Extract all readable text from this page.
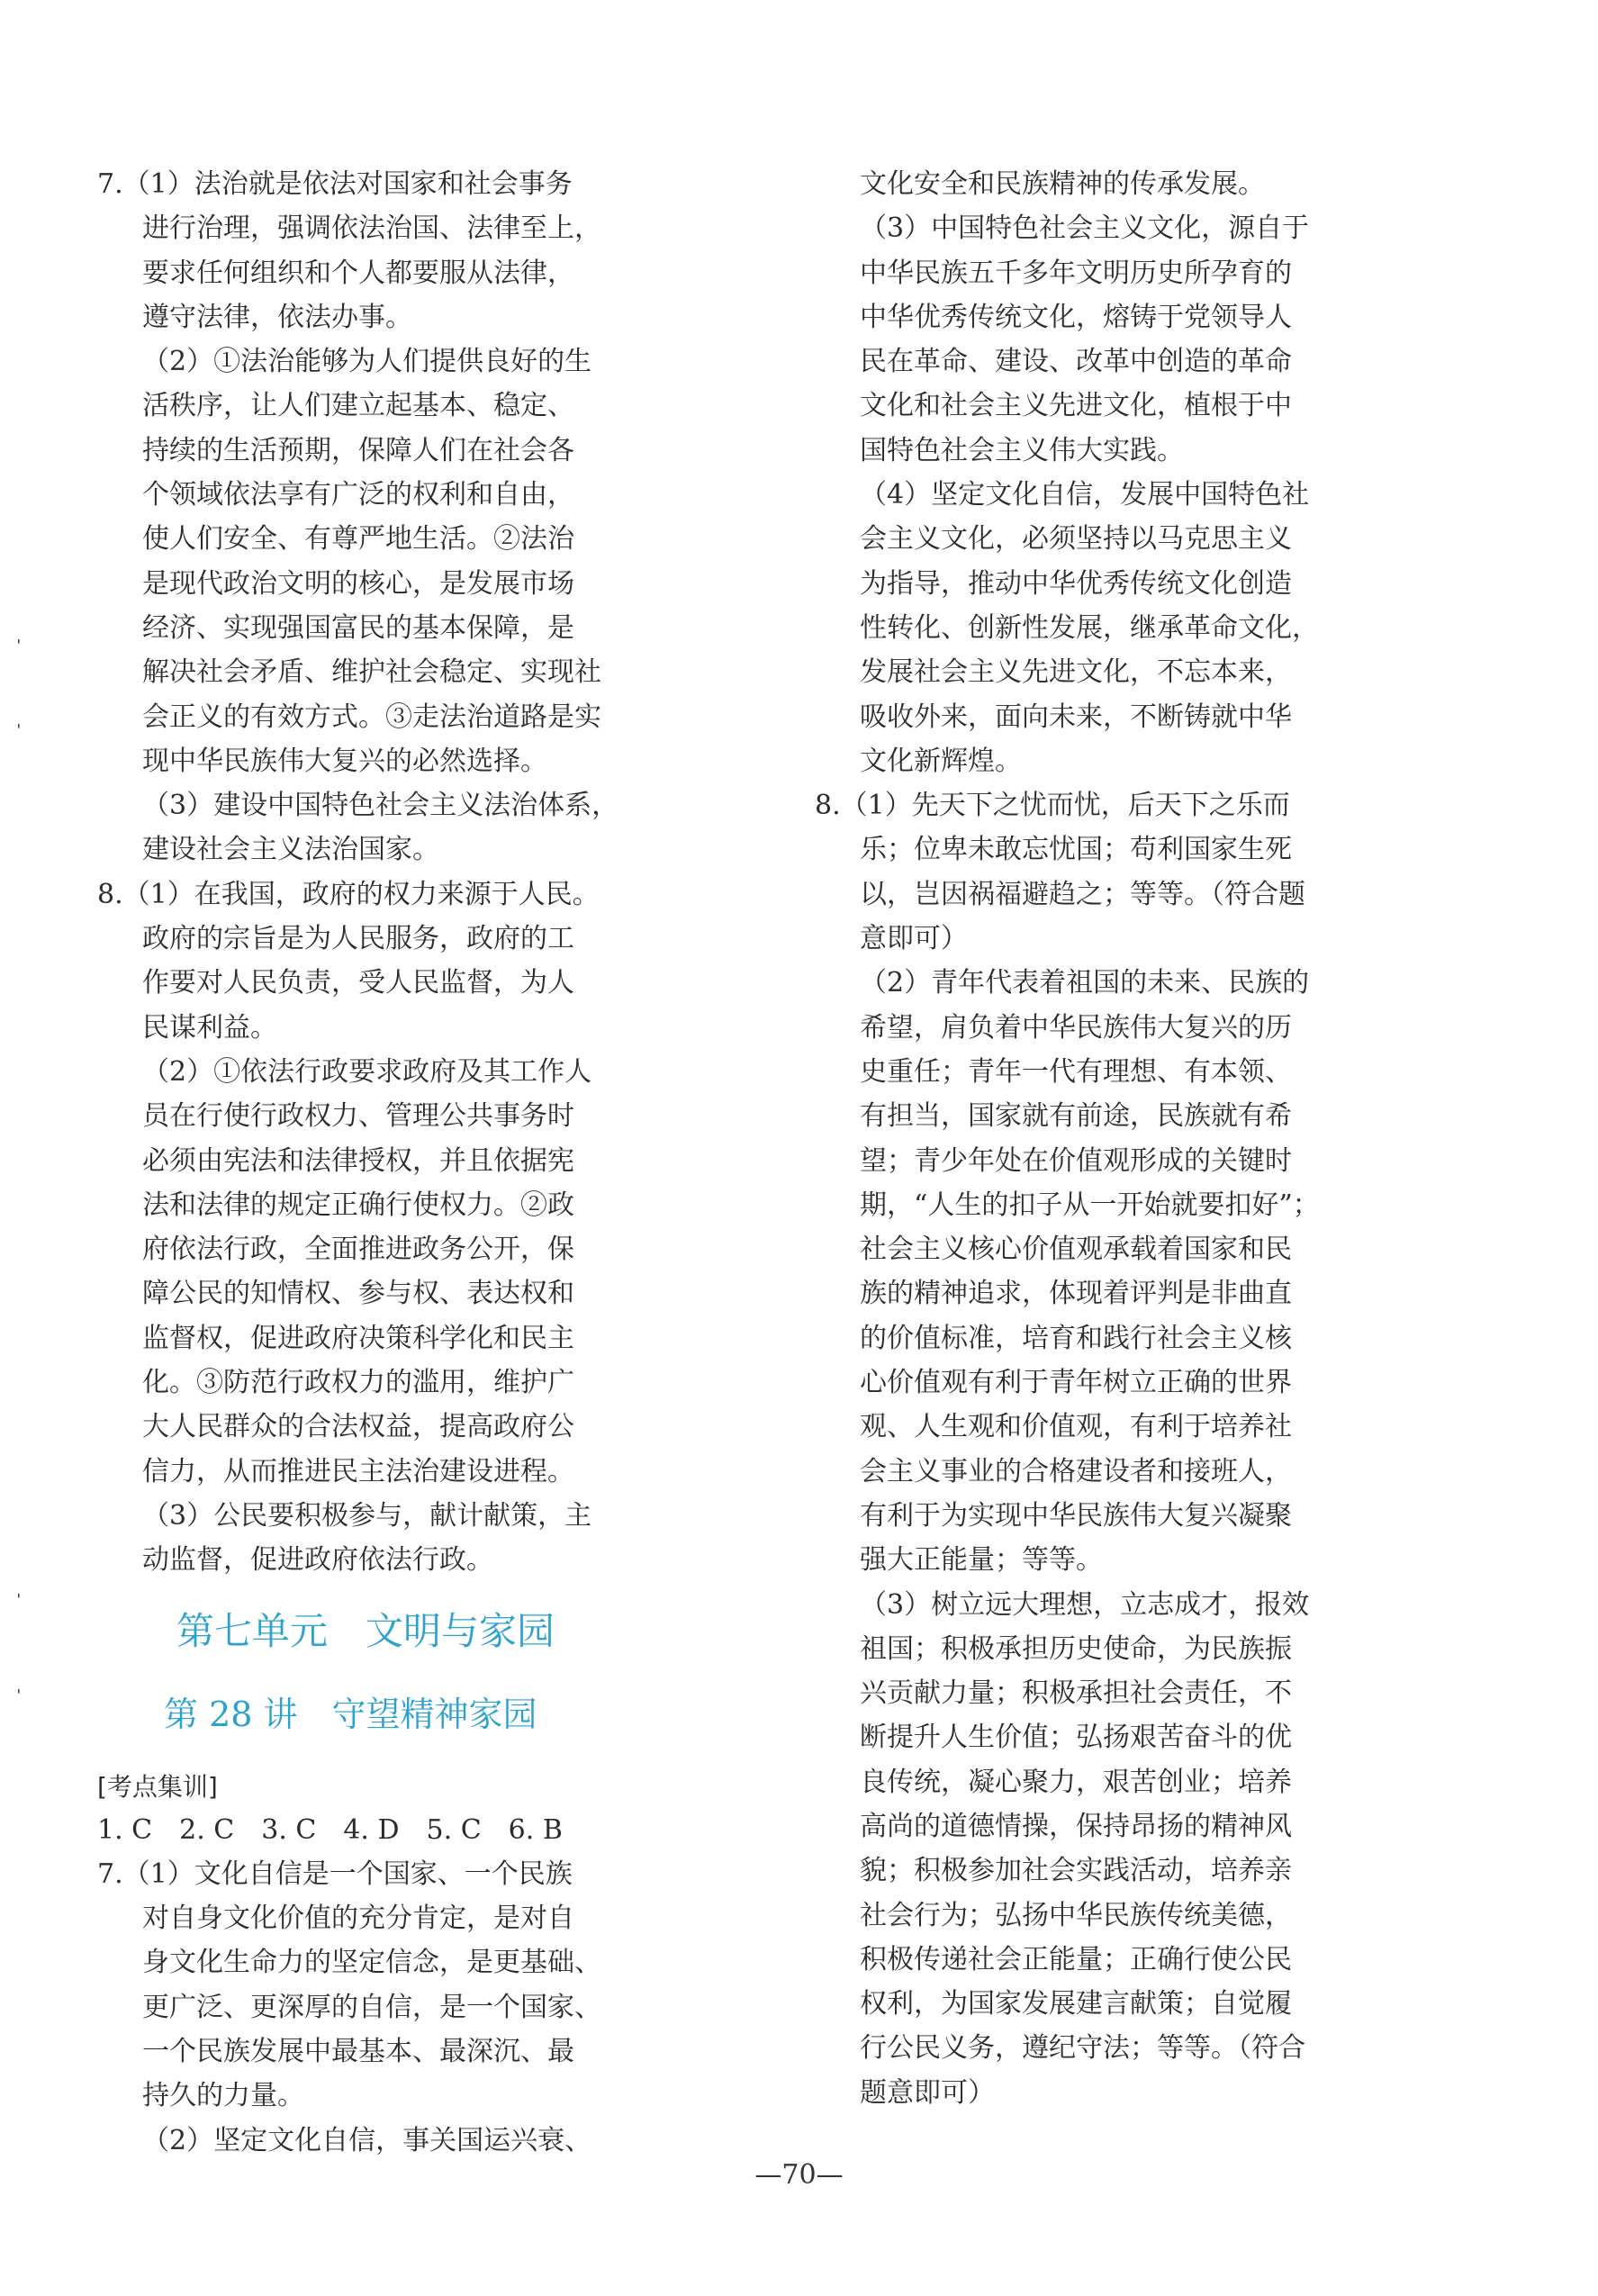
ˈ
ˈ
ˈ
ˈ
7.（1）法治就是依法对国家和社会事务
进行治理，强调依法治国、法律至上，
要求任何组织和个人都要服从法律，
遵守法律，依法办事。
（2）①法治能够为人们提供良好的生
活秩序，让人们建立起基本、稳定、
持续的生活预期，保障人们在社会各
个领域依法享有广泛的权利和自由，
使人们安全、有尊严地生活。②法治
是现代政治文明的核心，是发展市场
经济、实现强国富民的基本保障，是
解决社会矛盾、维护社会稳定、实现社
会正义的有效方式。③走法治道路是实
现中华民族伟大复兴的必然选择。
（3）建设中国特色社会主义法治体系，
建设社会主义法治国家。
8.（1）在我国，政府的权力来源于人民。
政府的宗旨是为人民服务，政府的工
作要对人民负责，受人民监督，为人
民谋利益。
（2）①依法行政要求政府及其工作人
员在行使行政权力、管理公共事务时
必须由宪法和法律授权，并且依据宪
法和法律的规定正确行使权力。②政
府依法行政，全面推进政务公开，保
障公民的知情权、参与权、表达权和
监督权，促进政府决策科学化和民主
化。③防范行政权力的滥用，维护广
大人民群众的合法权益，提高政府公
信力，从而推进民主法治建设进程。
（3）公民要积极参与，献计献策，主
动监督，促进政府依法行政。
第七单元　文明与家园
第 28 讲　守望精神家园
[考点集训]
1. C　2. C　3. C　4. D　5. C　6. B
7.（1）文化自信是一个国家、一个民族
对自身文化价值的充分肯定，是对自
身文化生命力的坚定信念，是更基础、
更广泛、更深厚的自信，是一个国家、
一个民族发展中最基本、最深沉、最
持久的力量。
（2）坚定文化自信，事关国运兴衰、
文化安全和民族精神的传承发展。
（3）中国特色社会主义文化，源自于
中华民族五千多年文明历史所孕育的
中华优秀传统文化，熔铸于党领导人
民在革命、建设、改革中创造的革命
文化和社会主义先进文化，植根于中
国特色社会主义伟大实践。
（4）坚定文化自信，发展中国特色社
会主义文化，必须坚持以马克思主义
为指导，推动中华优秀传统文化创造
性转化、创新性发展，继承革命文化，
发展社会主义先进文化，不忘本来，
吸收外来，面向未来，不断铸就中华
文化新辉煌。
8.（1）先天下之忧而忧，后天下之乐而
乐；位卑未敢忘忧国；苟利国家生死
以，岂因祸福避趋之；等等。（符合题
意即可）
（2）青年代表着祖国的未来、民族的
希望，肩负着中华民族伟大复兴的历
史重任；青年一代有理想、有本领、
有担当，国家就有前途，民族就有希
望；青少年处在价值观形成的关键时
期，“人生的扣子从一开始就要扣好”；
社会主义核心价值观承载着国家和民
族的精神追求，体现着评判是非曲直
的价值标准，培育和践行社会主义核
心价值观有利于青年树立正确的世界
观、人生观和价值观，有利于培养社
会主义事业的合格建设者和接班人，
有利于为实现中华民族伟大复兴凝聚
强大正能量；等等。
（3）树立远大理想，立志成才，报效
祖国；积极承担历史使命，为民族振
兴贡献力量；积极承担社会责任，不
断提升人生价值；弘扬艰苦奋斗的优
良传统，凝心聚力，艰苦创业；培养
高尚的道德情操，保持昂扬的精神风
貌；积极参加社会实践活动，培养亲
社会行为；弘扬中华民族传统美德，
积极传递社会正能量；正确行使公民
权利，为国家发展建言献策；自觉履
行公民义务，遵纪守法；等等。（符合
题意即可）
—70—
